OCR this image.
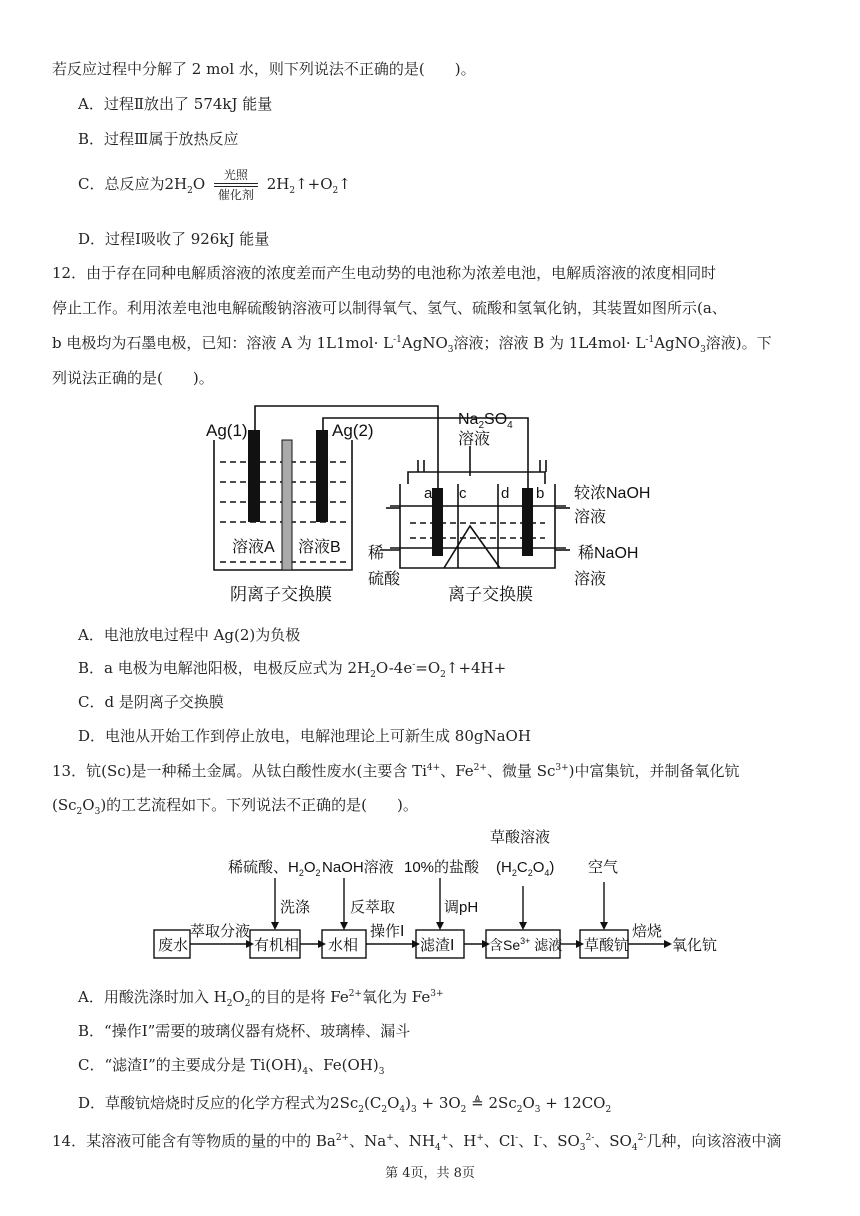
若反应过程中分解了 2 mol 水，则下列说法不正确的是(　　)。
A．过程Ⅱ放出了 574kJ 能量
B．过程Ⅲ属于放热反应
C．总反应为$2H_2O \frac{\text{光照}}{\text{催化剂}}$ $2H_2↑+O_2↑$
D．过程Ⅰ吸收了 926kJ 能量
12．由于存在同种电解质溶液的浓度差而产生电动势的电池称为浓差电池，电解质溶液的浓度相同时
停止工作。利用浓差电池电解硫酸钠溶液可以制得氧气、氢气、硫酸和氢氧化钠，其装置如图所示(a、
b 电极均为石墨电极，已知：溶液 A 为 $1L1mol\cdot L^{-1}AgNO_3$溶液；溶液 B 为 $1L4mol\cdot L^{-1}AgNO_3$溶液)。下
列说法正确的是(　　)。
Ag(1)	Ag(2)
$Na_2SO_4$
溶液
a c d b 较浓NaOH
溶液
稀
硫酸
稀NaOH
溶液
溶液A 溶液B
阴离子交换膜	离子交换膜
A．电池放电过程中 Ag(2)为负极
B．a 电极为电解池阳极，电极反应式为 $2H_2O-4e^-=O_2↑+4H+$
C．d 是阴离子交换膜
D．电池从开始工作到停止放电，电解池理论上可新生成 80gNaOH
13．钪(Sc)是一种稀土金属。从钛白酸性废水(主要含 $Ti^{4+}$、$Fe^{2+}$、微量 $Sc^{3+}$)中富集钪，并制备氧化钪
$(Sc_2O_3)$的工艺流程如下。下列说法不正确的是(　　)。
稀硫酸、$H_2O_2$ NaOH溶液 10%的盐酸
草酸溶液
$(H_2C_2O_4)$ 空气
洗涤	反萃取	调pH
废水
萃取分液
有机相 水相
操作Ⅰ
滤渣Ⅰ 含$Se^{3+}$ 滤液 草酸钪
焙烧
氧化钪
A．用酸洗涤时加入 $H_2O_2$的目的是将 $Fe^{2+}$氧化为 $Fe^{3+}$
B．“操作Ⅰ”需要的玻璃仪器有烧杯、玻璃棒、漏斗
C．“滤渣Ⅰ”的主要成分是 $Ti(OH)_4$、$Fe(OH)_3$
D．草酸钪焙烧时反应的化学方程式为$2Sc_2(C_2O_4)_3 + 3O_2$ ≜ $2Sc_2O_3 + 12CO_2$
14．某溶液可能含有等物质的量的中的 $Ba^{2+}$、Na+、$NH_4^+$、H+、Cl-、I-、$SO_3^{2-}$、$SO_4^{2-}$几种，向该溶液中滴
第 4页，共 8页
